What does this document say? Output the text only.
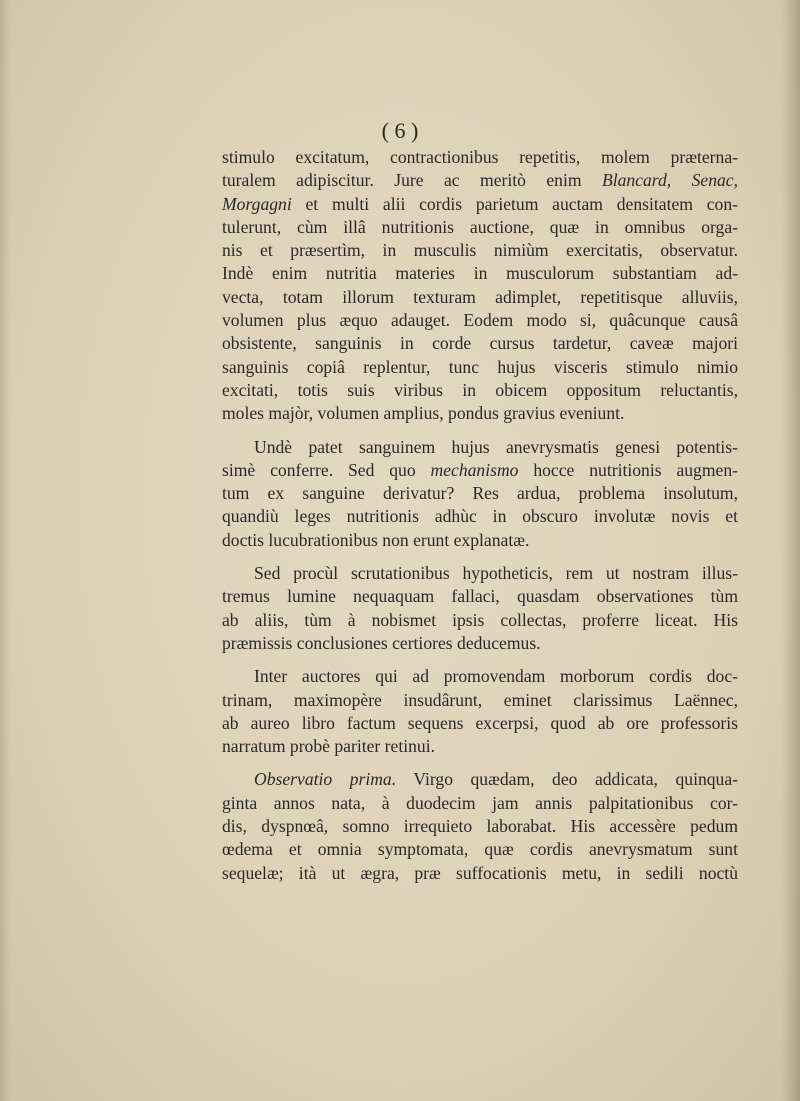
( 6 )
stimulo excitatum, contractionibus repetitis, molem præterna-
turalem adipiscitur. Jure ac meritò enim Blancard, Senac,
Morgagni et multi alii cordis parietum auctam densitatem con-
tulerunt, cùm illâ nutritionis auctione, quæ in omnibus orga-
nis et præsertìm, in musculis nimiùm exercitatis, observatur.
Indè enim nutritia materies in musculorum substantiam ad-
vecta, totam illorum texturam adimplet, repetitisque alluviis,
volumen plus æquo adauget. Eodem modo si, quâcunque causâ
obsistente, sanguinis in corde cursus tardetur, caveæ majori
sanguinis copiâ replentur, tunc hujus visceris stimulo nimio
excitati, totis suis viribus in obicem oppositum reluctantis,
moles majòr, volumen amplius, pondus gravius eveniunt.
Undè patet sanguinem hujus anevrysmatis genesi potentis-
simè conferre. Sed quo mechanismo hocce nutritionis augmen-
tum ex sanguine derivatur? Res ardua, problema insolutum,
quandiù leges nutritionis adhùc in obscuro involutæ novis et
doctis lucubrationibus non erunt explanatæ.
Sed procùl scrutationibus hypotheticis, rem ut nostram illus-
tremus lumine nequaquam fallaci, quasdam observationes tùm
ab aliis, tùm à nobismet ipsis collectas, proferre liceat. His
præmissis conclusiones certiores deducemus.
Inter auctores qui ad promovendam morborum cordis doc-
trinam, maximopère insudârunt, eminet clarissimus Laënnec,
ab aureo libro factum sequens excerpsi, quod ab ore professoris
narratum probè pariter retinui.
Observatio prima. Virgo quædam, deo addicata, quinqua-
ginta annos nata, à duodecim jam annis palpitationibus cor-
dis, dyspnœâ, somno irrequieto laborabat. His accessère pedum
œdema et omnia symptomata, quæ cordis anevrysmatum sunt
sequelæ; ità ut ægra, præ suffocationis metu, in sedili noctù
